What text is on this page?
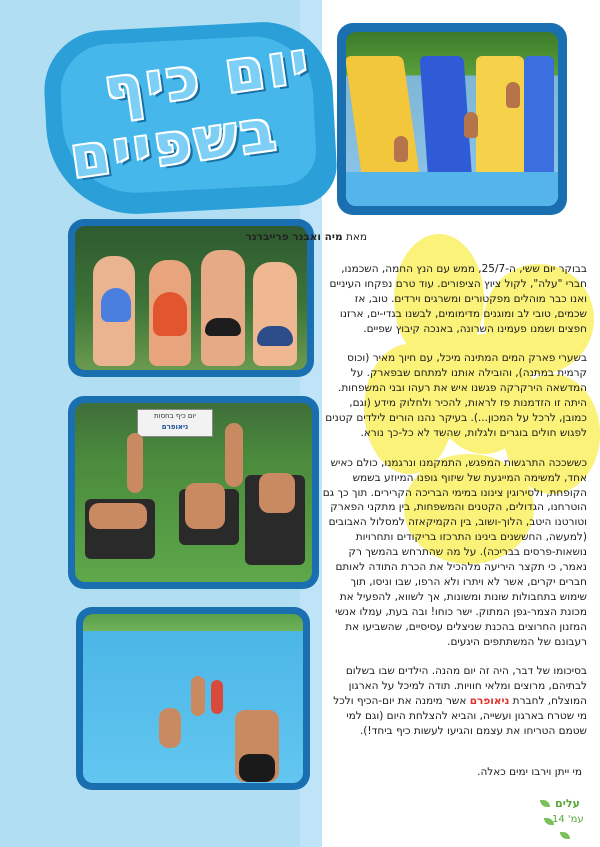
יום כיף
בשפיים
יום כיף בחסות
ניאופרם
מאת מיה ואבנר פרייברגר

בבוקר יום ששי, ה-25/7, ממש עם הנץ החמה, השכמנו, חברי "עלה", לקול ציוץ הציפורים. עוד טרם נפקחו העיניים ואנו כבר מוהלים מפקטורים ומשרגים וירדים. טוב, אז שכמים, טובי לב ומוגנים מדימומים, לבשנו בגדי-ים, ארזנו חפצים ושמנו פעמינו השרונה, באנכה קיבוץ שפיים.

בשערי פארק המים המתינה מיכל, עם חיוך מאיר (וכוס קרמית במתנה), והובילה אותנו למתחם שבפארק. על המדשאה הירקרקה פגשנו איש את רעהו ובני המשפחות. היתה זו הזדמנות פז לראות, להכיר ולחלוק מידע (וגם, כמובן, לרכל על המכון...). בעיקר נהנו הורים לילדים קטנים לפגוש חולים בוגרים ולגלות, שהשד לא כל-כך נורא.

כששככה התרגשות המפגש, התמקמנו ונרגמנו, כולם כאיש אחד, למשימה המייגעת של שיזוף גופנו המיוזע בשמש הקופחת, ולסירוגין צינונו במימי הבריכה הקרירים. תוך כך גם הוטרחנו, הגדולים, הקטנים והמשפחות, בין מתקני הפארק וטורטנו היטב, הלוך-ושוב, בין הקמיקאזה למסלול האבובים (למעשה, החששנים בינינו התרכזו בריקודים ותחרויות נושאות-פרסים בבריכה). על מה שהתרחש בהמשך רק נאמר, כי תקצר היריעה מלהכיל את הכרת התודה לאותם חברים יקרים, אשר לא ויתרו ולא הרפו, שבו וניסו, תוך שימוש בתחבולות שונות ומשונות, אך לשווא, להפעיל את מכונת הצמר-גפן המתוק. ישר כוחו! ובה בעת, עמלו אנשי המזנון החרוצים בהכנת שניצלים עסיסיים, שהשביעו את רעבונם של המשתתפים היגעים.

בסיכומו של דבר, היה זה יום מהנה. הילדים שבו בשלום לבתיהם, מרוצים ומלאי חוויות. תודה למיכל על הארגון המוצלח, לחברת ניאופרם אשר מימנה את יום-הכיף ולכל מי שטרח בארגון ועשייה, והביא להצלחת היום (וגם למי שטמם הטריחו את עצמם והגיעו לעשות כיף ביחד!).

מי ייתן וירבו ימים כאלה.
עלים
עמ' 14
